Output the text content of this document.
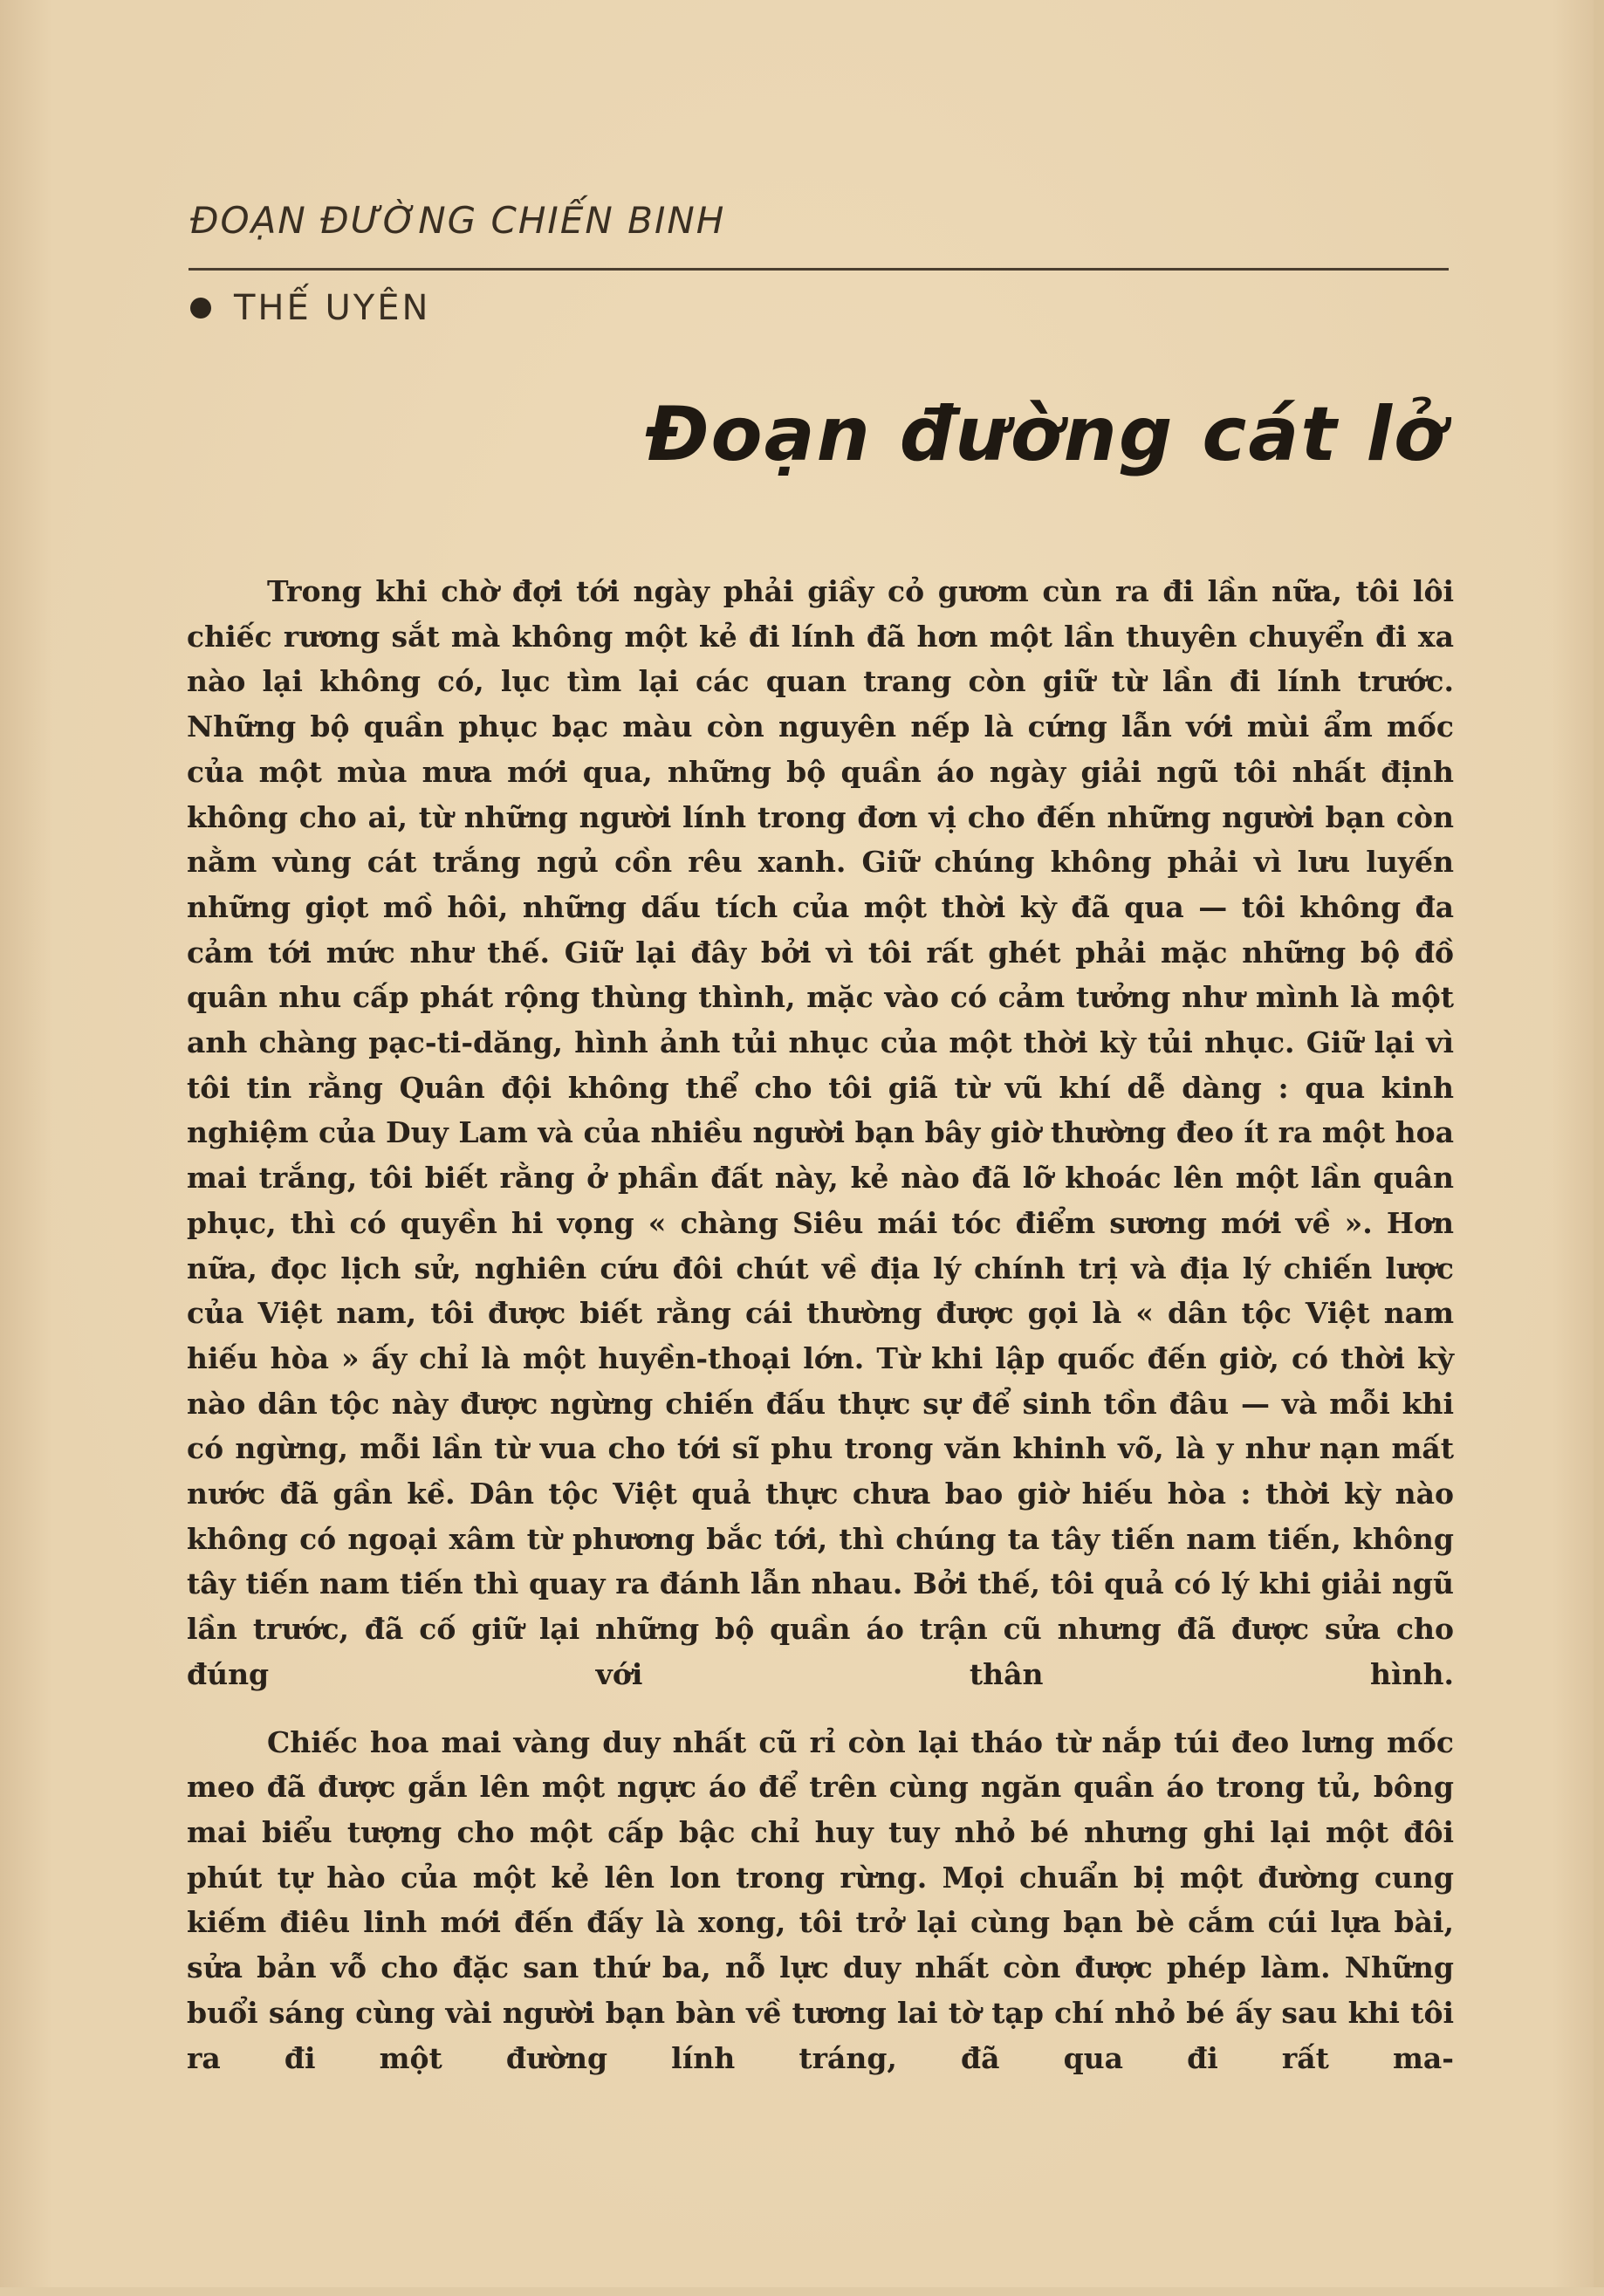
ĐOẠN ĐƯỜNG CHIẾN BINH
THẾ UYÊN
Đoạn đường cát lở

Trong khi chờ đợi tới ngày phải giầy cỏ gươm cùn ra đi lần nữa, tôi lôi chiếc rương sắt mà không một kẻ đi lính đã hơn một lần thuyên chuyển đi xa nào lại không có, lục tìm lại các quan trang còn giữ từ lần đi lính trước. Những bộ quần phục bạc màu còn nguyên nếp là cứng lẫn với mùi ẩm mốc của một mùa mưa mới qua, những bộ quần áo ngày giải ngũ tôi nhất định không cho ai, từ những người lính trong đơn vị cho đến những người bạn còn nằm vùng cát trắng ngủ cồn rêu xanh. Giữ chúng không phải vì lưu luyến những giọt mồ hôi, những dấu tích của một thời kỳ đã qua — tôi không đa cảm tới mức như thế. Giữ lại đây bởi vì tôi rất ghét phải mặc những bộ đồ quân nhu cấp phát rộng thùng thình, mặc vào có cảm tưởng như mình là một anh chàng pạc-ti-dăng, hình ảnh tủi nhục của một thời kỳ tủi nhục. Giữ lại vì tôi tin rằng Quân đội không thể cho tôi giã từ vũ khí dễ dàng : qua kinh nghiệm của Duy Lam và của nhiều người bạn bây giờ thường đeo ít ra một hoa mai trắng, tôi biết rằng ở phần đất này, kẻ nào đã lỡ khoác lên một lần quân phục, thì có quyền hi vọng « chàng Siêu mái tóc điểm sương mới về ». Hơn nữa, đọc lịch sử, nghiên cứu đôi chút về địa lý chính trị và địa lý chiến lược của Việt nam, tôi được biết rằng cái thường được gọi là « dân tộc Việt nam hiếu hòa » ấy chỉ là một huyền-thoại lớn. Từ khi lập quốc đến giờ, có thời kỳ nào dân tộc này được ngừng chiến đấu thực sự để sinh tồn đâu — và mỗi khi có ngừng, mỗi lần từ vua cho tới sĩ phu trong văn khinh võ, là y như nạn mất nước đã gần kề. Dân tộc Việt quả thực chưa bao giờ hiếu hòa : thời kỳ nào không có ngoại xâm từ phương bắc tới, thì chúng ta tây tiến nam tiến, không tây tiến nam tiến thì quay ra đánh lẫn nhau. Bởi thế, tôi quả có lý khi giải ngũ lần trước, đã cố giữ lại những bộ quần áo trận cũ nhưng đã được sửa cho đúng với thân hình.

Chiếc hoa mai vàng duy nhất cũ rỉ còn lại tháo từ nắp túi đeo lưng mốc meo đã được gắn lên một ngực áo để trên cùng ngăn quần áo trong tủ, bông mai biểu tượng cho một cấp bậc chỉ huy tuy nhỏ bé nhưng ghi lại một đôi phút tự hào của một kẻ lên lon trong rừng. Mọi chuẩn bị một đường cung kiếm điêu linh mới đến đấy là xong, tôi trở lại cùng bạn bè cắm cúi lựa bài, sửa bản vỗ cho đặc san thứ ba, nỗ lực duy nhất còn được phép làm. Những buổi sáng cùng vài người bạn bàn về tương lai tờ tạp chí nhỏ bé ấy sau khi tôi ra đi một đường lính tráng, đã qua đi rất ma-
